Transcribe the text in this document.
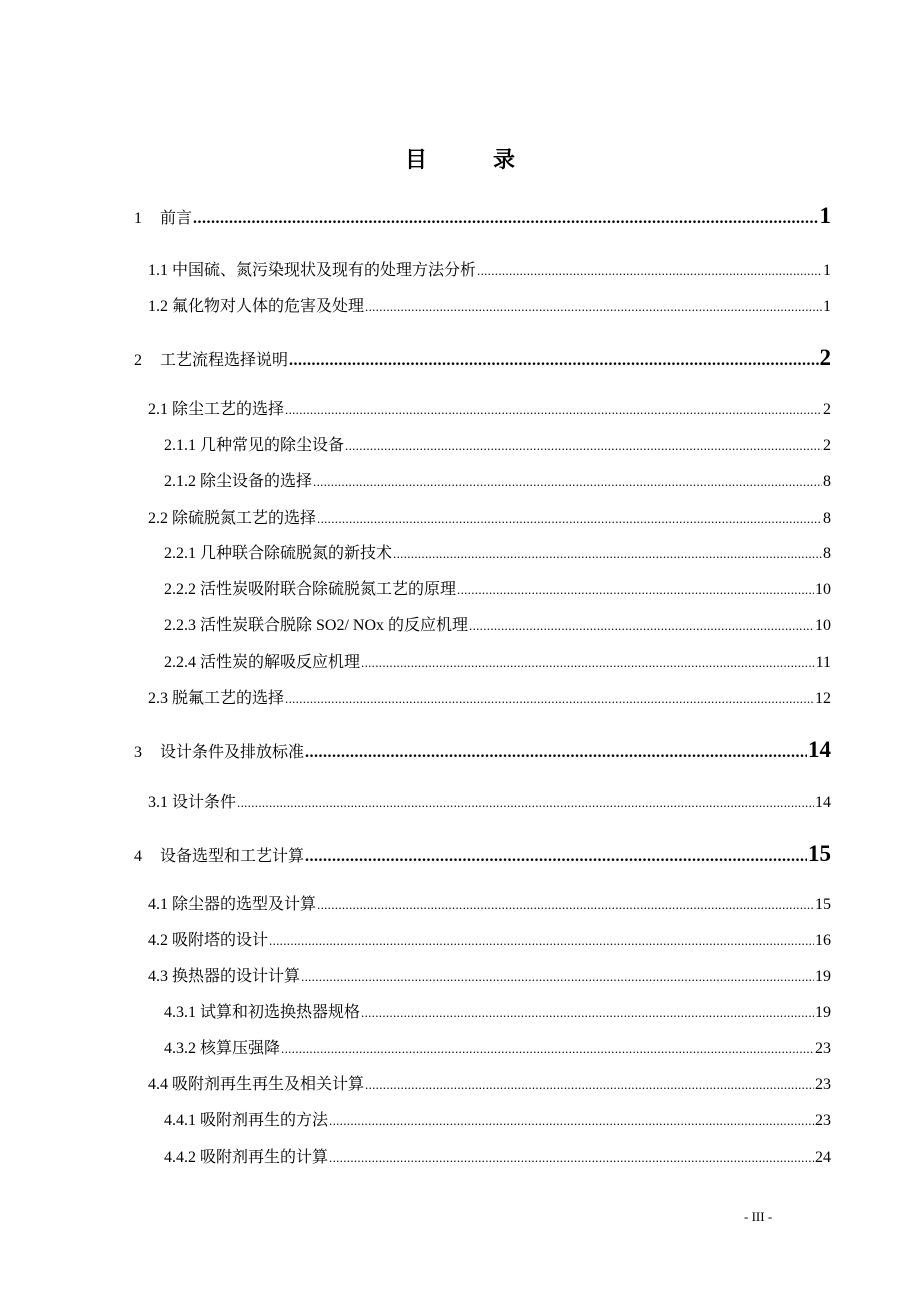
目	录
1 前言 .....	1
1.1 中国硫、氮污染现状及现有的处理方法分析 .....	1
1.2 氟化物对人体的危害及处理 .....	1
2 工艺流程选择说明 .....	2
2.1 除尘工艺的选择 .....	2
2.1.1 几种常见的除尘设备 .....	2
2.1.2 除尘设备的选择 .....	8
2.2 除硫脱氮工艺的选择 .....	8
2.2.1 几种联合除硫脱氮的新技术 .....	8
2.2.2 活性炭吸附联合除硫脱氮工艺的原理 .....	10
2.2.3 活性炭联合脱除 SO2/ NOx 的反应机理 .....	10
2.2.4 活性炭的解吸反应机理 .....	11
2.3 脱氟工艺的选择 .....	12
3 设计条件及排放标准 .....	14
3.1 设计条件 .....	14
4 设备选型和工艺计算 .....	15
4.1 除尘器的选型及计算 .....	15
4.2 吸附塔的设计 .....	16
4.3 换热器的设计计算 .....	19
4.3.1 试算和初选换热器规格 .....	19
4.3.2 核算压强降 .....	23
4.4 吸附剂再生再生及相关计算 .....	23
4.4.1 吸附剂再生的方法 .....	23
4.4.2 吸附剂再生的计算 .....	24
- III -
